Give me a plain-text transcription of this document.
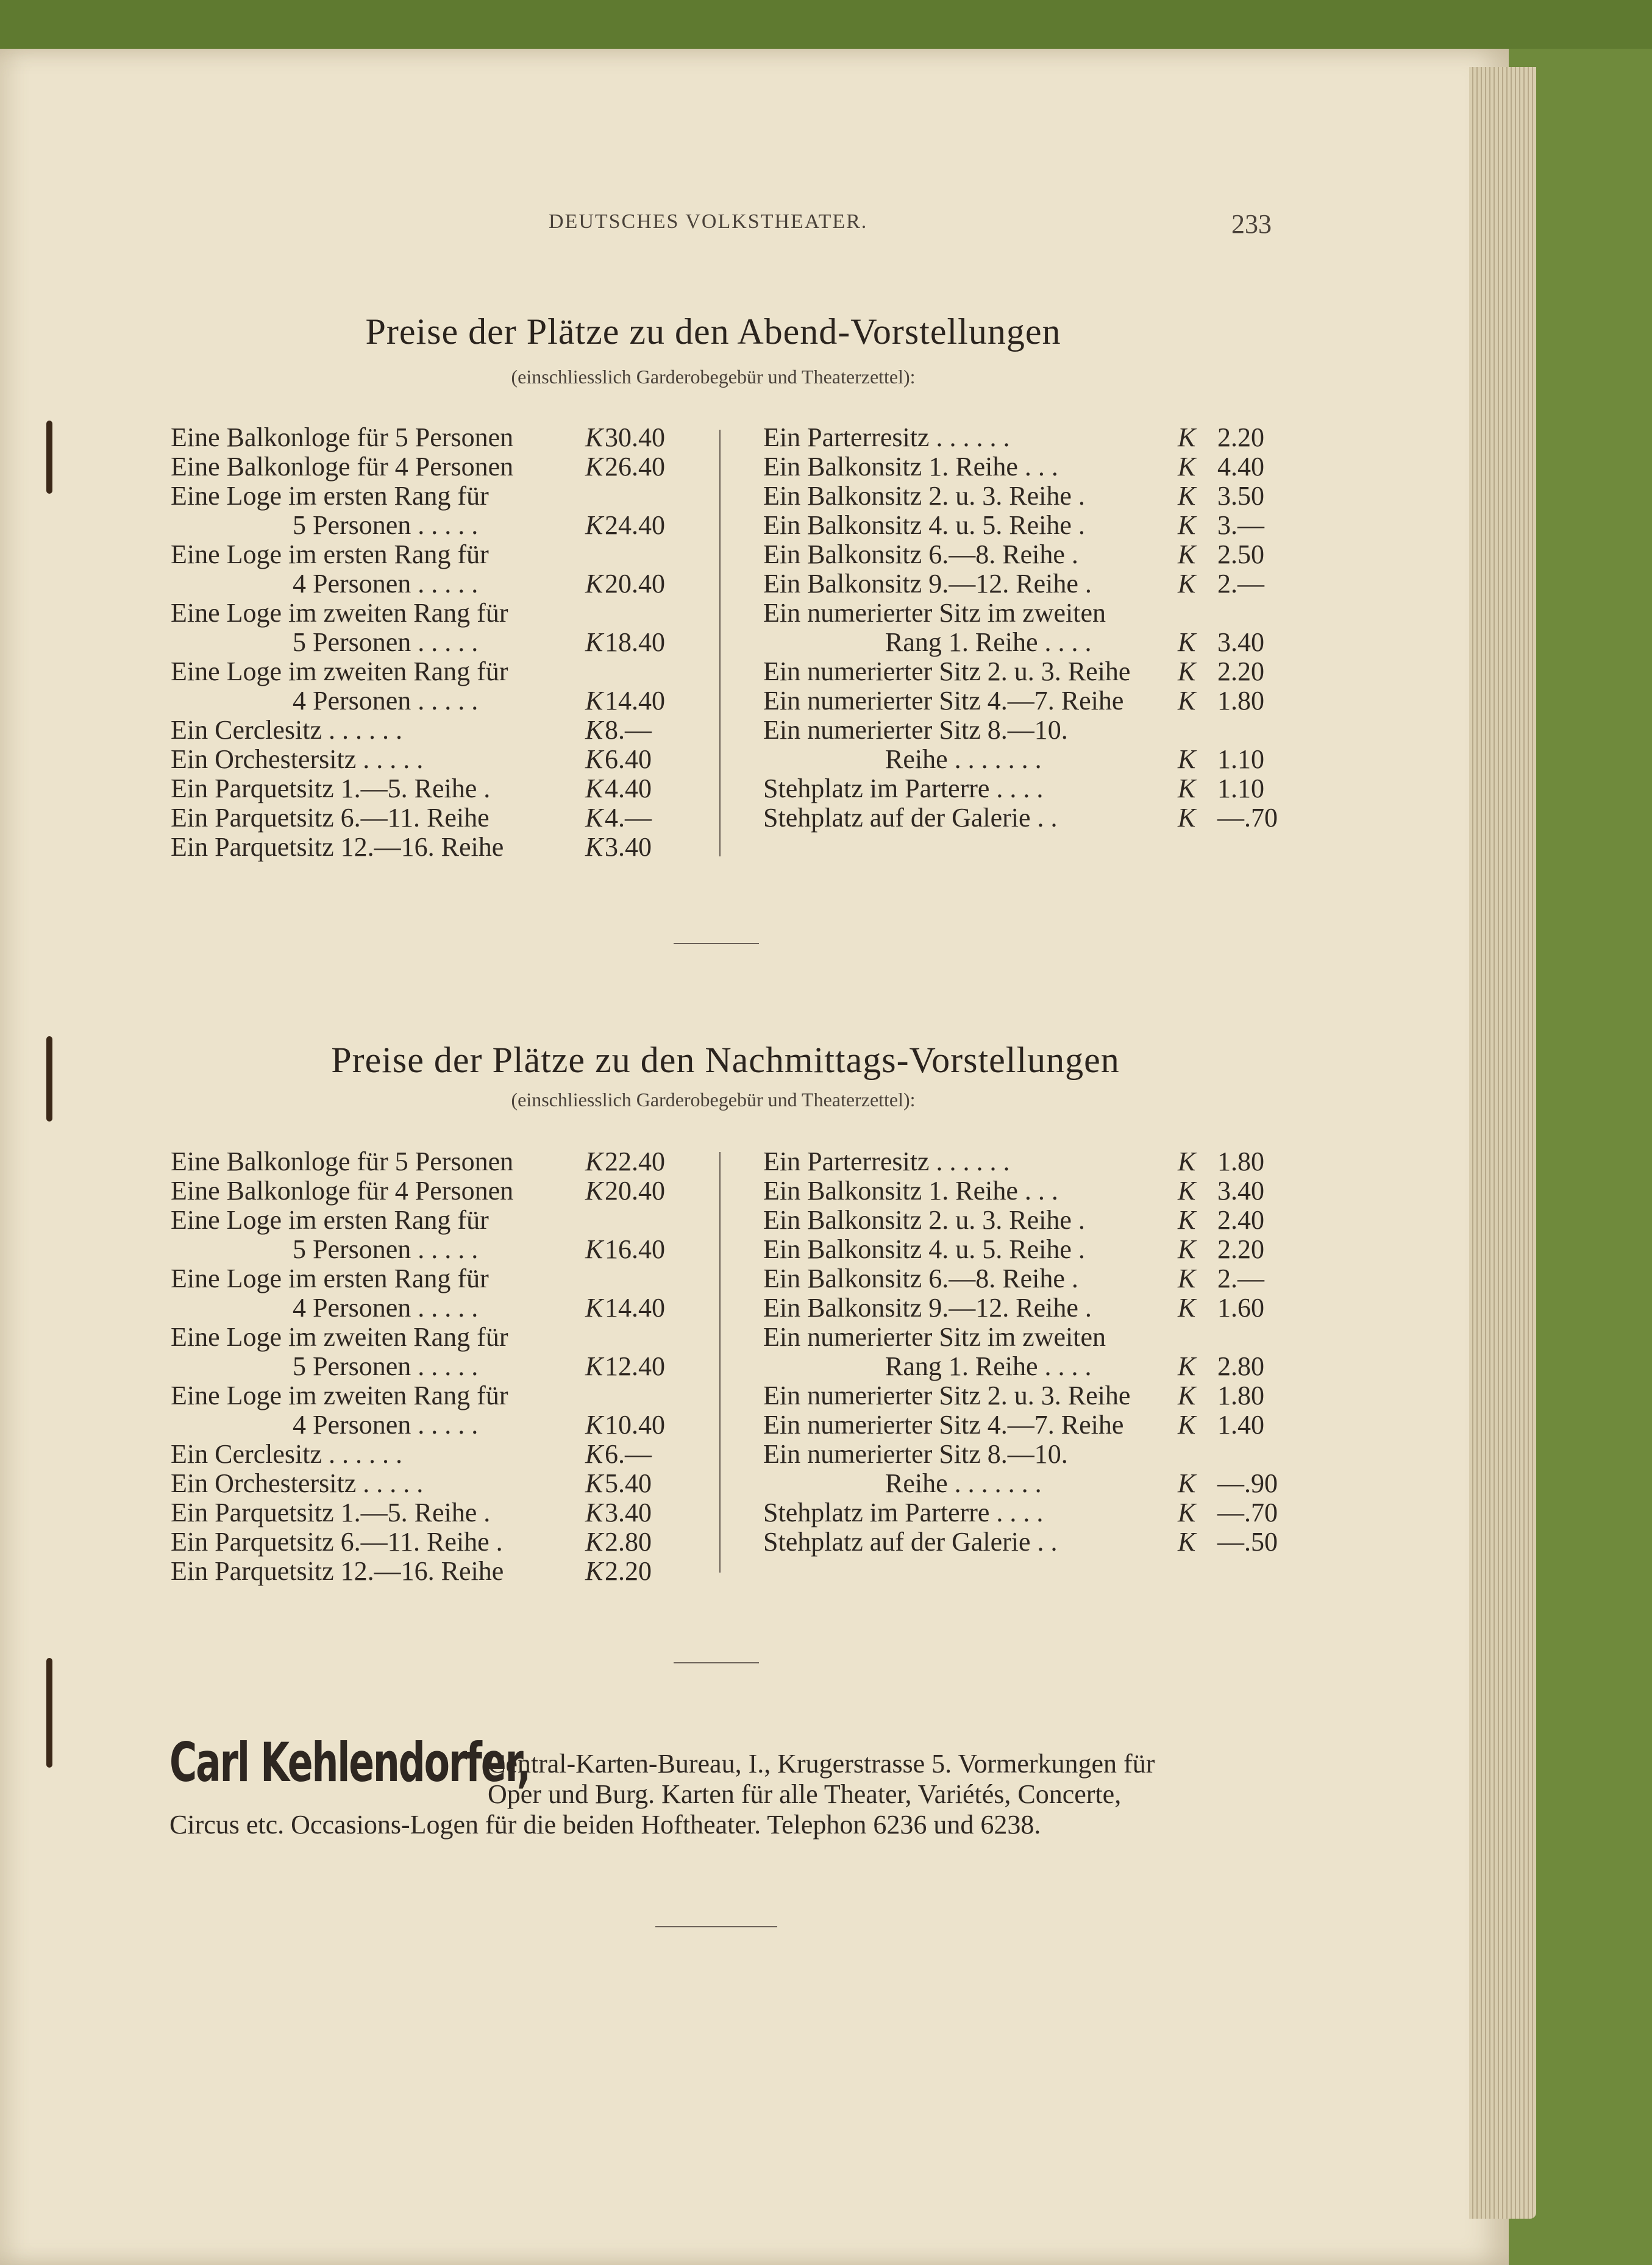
DEUTSCHES VOLKSTHEATER.	233
Preise der Plätze zu den Abend-Vorstellungen
(einschliesslich Garderobegebür und Theaterzettel):
Eine Balkonloge für 5 Personen	K 30.40
Eine Balkonloge für 4 Personen	K 26.40
Eine Loge im ersten Rang für
5 Personen . . . . .	K 24.40
Eine Loge im ersten Rang für
4 Personen . . . . .	K 20.40
Eine Loge im zweiten Rang für
5 Personen . . . . .	K 18.40
Eine Loge im zweiten Rang für
4 Personen . . . . .	K 14.40
Ein Cerclesitz . . . . . .	K 8.—
Ein Orchestersitz . . . . .	K 6.40
Ein Parquetsitz 1.—5. Reihe .	K 4.40
Ein Parquetsitz 6.—11. Reihe	K 4.—
Ein Parquetsitz 12.—16. Reihe	K 3.40
Ein Parterresitz . . . . . .	K 2.20
Ein Balkonsitz 1. Reihe . . .	K 4.40
Ein Balkonsitz 2. u. 3. Reihe .	K 3.50
Ein Balkonsitz 4. u. 5. Reihe .	K 3.—
Ein Balkonsitz 6.—8. Reihe .	K 2.50
Ein Balkonsitz 9.—12. Reihe .	K 2.—
Ein numerierter Sitz im zweiten
Rang 1. Reihe . . . .	K 3.40
Ein numerierter Sitz 2. u. 3. Reihe K 2.20
Ein numerierter Sitz 4.—7. Reihe K 1.80
Ein numerierter Sitz 8.—10.
Reihe . . . . . . .	K 1.10
Stehplatz im Parterre . . . .	K 1.10
Stehplatz auf der Galerie . .	K —.70
Preise der Plätze zu den Nachmittags-Vorstellungen
(einschliesslich Garderobegebür und Theaterzettel):
Eine Balkonloge für 5 Personen	K 22.40
Eine Balkonloge für 4 Personen	K 20.40
Eine Loge im ersten Rang für
5 Personen . . . . .	K 16.40
Eine Loge im ersten Rang für
4 Personen . . . . .	K 14.40
Eine Loge im zweiten Rang für
5 Personen . . . . .	K 12.40
Eine Loge im zweiten Rang für
4 Personen . . . . .	K 10.40
Ein Cerclesitz . . . . . .	K 6.—
Ein Orchestersitz . . . . .	K 5.40
Ein Parquetsitz 1.—5. Reihe .	K 3.40
Ein Parquetsitz 6.—11. Reihe .	K 2.80
Ein Parquetsitz 12.—16. Reihe	K 2.20
Ein Parterresitz . . . . . .	K 1.80
Ein Balkonsitz 1. Reihe . . .	K 3.40
Ein Balkonsitz 2. u. 3. Reihe .	K 2.40
Ein Balkonsitz 4. u. 5. Reihe .	K 2.20
Ein Balkonsitz 6.—8. Reihe .	K 2.—
Ein Balkonsitz 9.—12. Reihe .	K 1.60
Ein numerierter Sitz im zweiten
Rang 1. Reihe . . . .	K 2.80
Ein numerierter Sitz 2. u. 3. Reihe K 1.80
Ein numerierter Sitz 4.—7. Reihe K 1.40
Ein numerierter Sitz 8.—10.
Reihe . . . . . . .	K —.90
Stehplatz im Parterre . . . .	K —.70
Stehplatz auf der Galerie . .	K —.50
Carl Kehlendorfer,
Central-Karten-Bureau, I., Krugerstrasse 5. Vormerkungen für
Oper und Burg. Karten für alle Theater, Variétés, Concerte,
Circus etc. Occasions-Logen für die beiden Hoftheater. Telephon 6236 und 6238.
